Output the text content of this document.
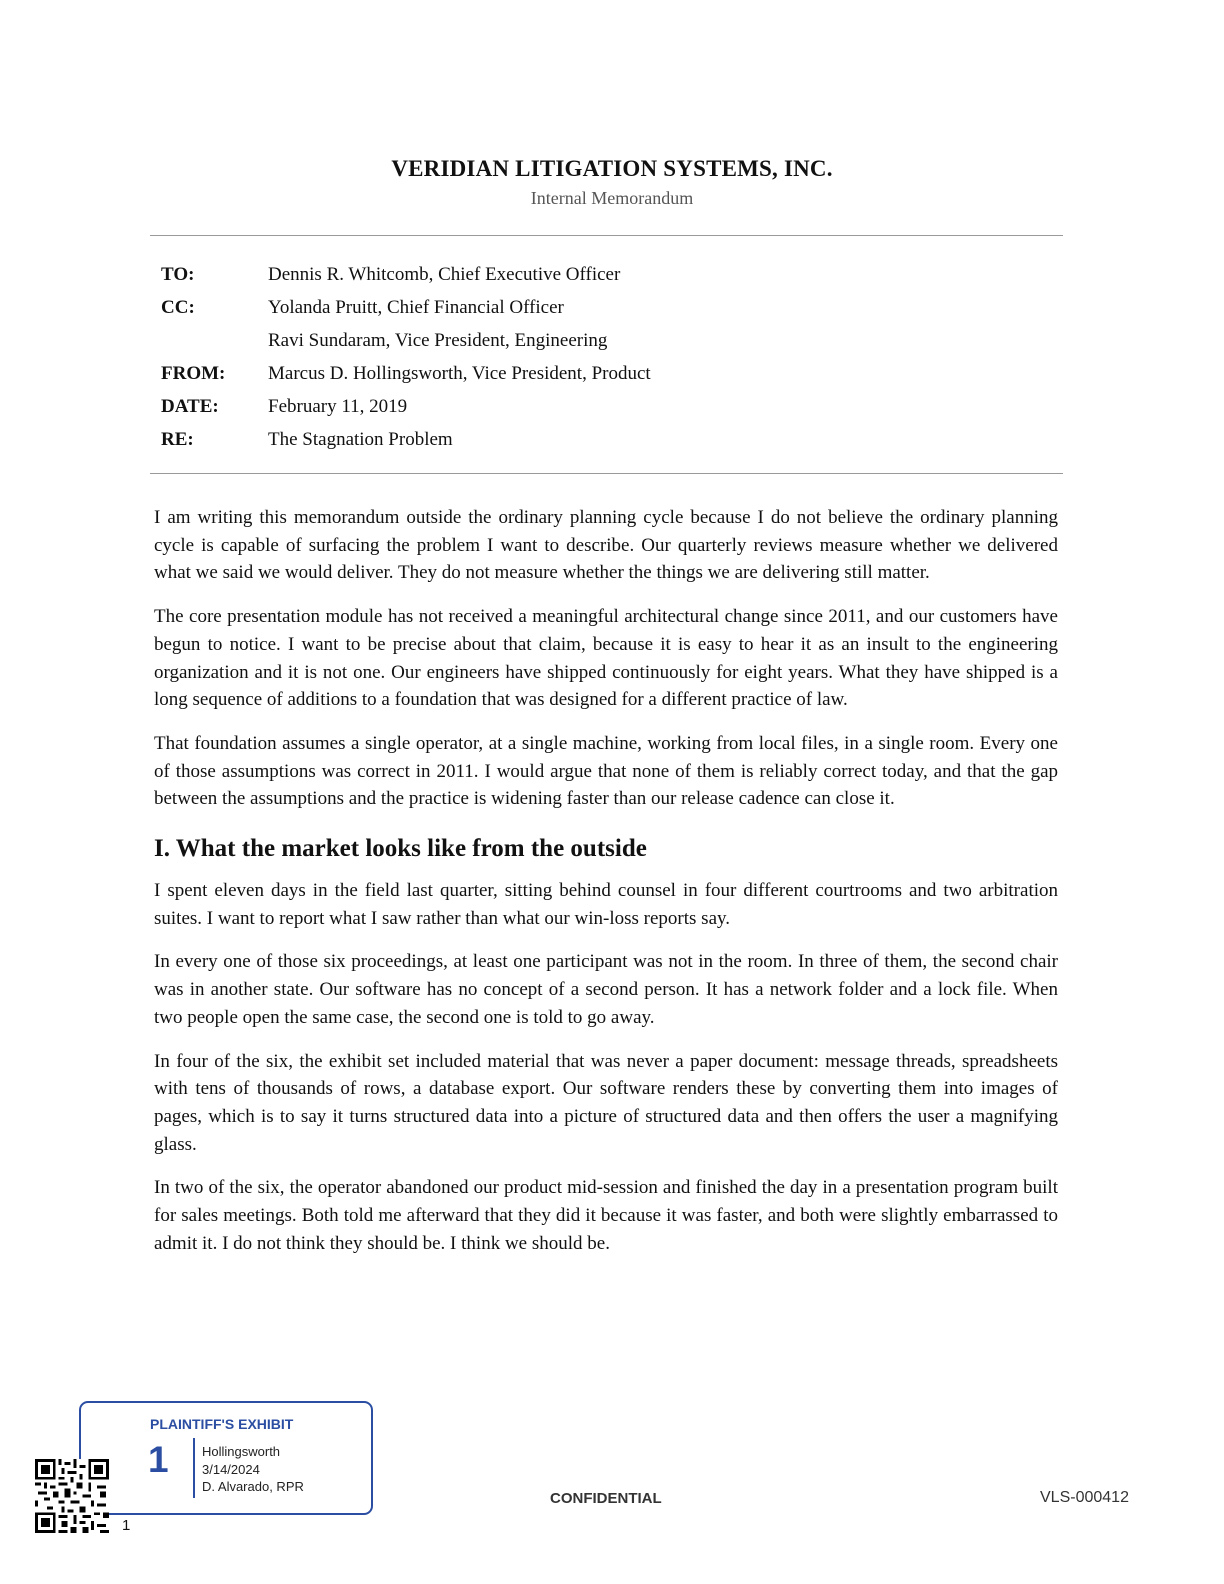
VERIDIAN LITIGATION SYSTEMS, INC.
Internal Memorandum
TO:	Dennis R. Whitcomb, Chief Executive Officer
CC:	Yolanda Pruitt, Chief Financial Officer
Ravi Sundaram, Vice President, Engineering
FROM:	Marcus D. Hollingsworth, Vice President, Product
DATE:	February 11, 2019
RE:	The Stagnation Problem

I am writing this memorandum outside the ordinary planning cycle because I do not believe the ordinary planning cycle is capable of surfacing the problem I want to describe. Our quarterly reviews measure whether we delivered what we said we would deliver. They do not measure whether the things we are delivering still matter.

The core presentation module has not received a meaningful architectural change since 2011, and our customers have begun to notice. I want to be precise about that claim, because it is easy to hear it as an insult to the engineering organization and it is not one. Our engineers have shipped continuously for eight years. What they have shipped is a long sequence of additions to a foundation that was designed for a different practice of law.

That foundation assumes a single operator, at a single machine, working from local files, in a single room. Every one of those assumptions was correct in 2011. I would argue that none of them is reliably correct today, and that the gap between the assumptions and the practice is widening faster than our release cadence can close it.

I. What the market looks like from the outside

I spent eleven days in the field last quarter, sitting behind counsel in four different courtrooms and two arbitration suites. I want to report what I saw rather than what our win-loss reports say.

In every one of those six proceedings, at least one participant was not in the room. In three of them, the second chair was in another state. Our software has no concept of a second person. It has a network folder and a lock file. When two people open the same case, the second one is told to go away.

In four of the six, the exhibit set included material that was never a paper document: message threads, spreadsheets with tens of thousands of rows, a database export. Our software renders these by converting them into images of pages, which is to say it turns structured data into a picture of structured data and then offers the user a magnifying glass.

In two of the six, the operator abandoned our product mid-session and finished the day in a presentation program built for sales meetings. Both told me afterward that they did it because it was faster, and both were slightly embarrassed to admit it. I do not think they should be. I think we should be.

PLAINTIFF'S EXHIBIT
1	Hollingsworth
3/14/2024
D. Alvarado, RPR
1
CONFIDENTIAL	VLS-000412
